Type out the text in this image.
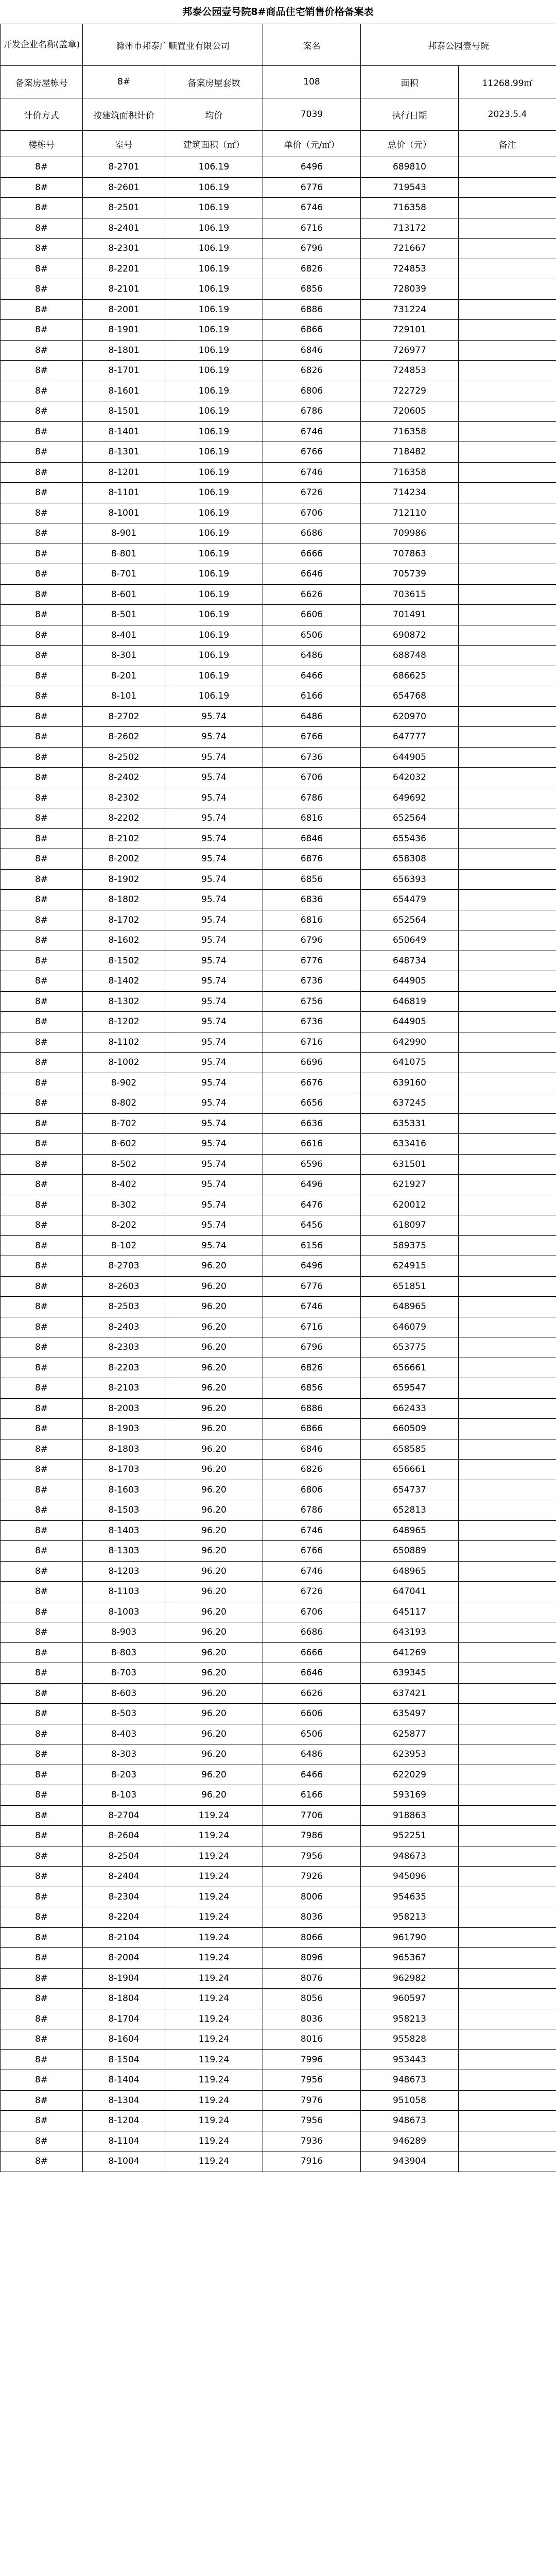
邦泰公园壹号院8#商品住宅销售价格备案表
开发企业名称(盖章)	滁州市邦泰广顺置业有限公司		案名	邦泰公园壹号院	
备案房屋栋号	8#	备案房屋套数	108	面积	11268.99㎡
计价方式	按建筑面积计价	均价	7039	执行日期	2023.5.4
楼栋号	室号	建筑面积（㎡）	单价（元/㎡）	总价（元）	备注
8#	8-2701	106.19	6496	689810	
8#	8-2601	106.19	6776	719543	
8#	8-2501	106.19	6746	716358	
8#	8-2401	106.19	6716	713172	
8#	8-2301	106.19	6796	721667	
8#	8-2201	106.19	6826	724853	
8#	8-2101	106.19	6856	728039	
8#	8-2001	106.19	6886	731224	
8#	8-1901	106.19	6866	729101	
8#	8-1801	106.19	6846	726977	
8#	8-1701	106.19	6826	724853	
8#	8-1601	106.19	6806	722729	
8#	8-1501	106.19	6786	720605	
8#	8-1401	106.19	6746	716358	
8#	8-1301	106.19	6766	718482	
8#	8-1201	106.19	6746	716358	
8#	8-1101	106.19	6726	714234	
8#	8-1001	106.19	6706	712110	
8#	8-901	106.19	6686	709986	
8#	8-801	106.19	6666	707863	
8#	8-701	106.19	6646	705739	
8#	8-601	106.19	6626	703615	
8#	8-501	106.19	6606	701491	
8#	8-401	106.19	6506	690872	
8#	8-301	106.19	6486	688748	
8#	8-201	106.19	6466	686625	
8#	8-101	106.19	6166	654768	
8#	8-2702	95.74	6486	620970	
8#	8-2602	95.74	6766	647777	
8#	8-2502	95.74	6736	644905	
8#	8-2402	95.74	6706	642032	
8#	8-2302	95.74	6786	649692	
8#	8-2202	95.74	6816	652564	
8#	8-2102	95.74	6846	655436	
8#	8-2002	95.74	6876	658308	
8#	8-1902	95.74	6856	656393	
8#	8-1802	95.74	6836	654479	
8#	8-1702	95.74	6816	652564	
8#	8-1602	95.74	6796	650649	
8#	8-1502	95.74	6776	648734	
8#	8-1402	95.74	6736	644905	
8#	8-1302	95.74	6756	646819	
8#	8-1202	95.74	6736	644905	
8#	8-1102	95.74	6716	642990	
8#	8-1002	95.74	6696	641075	
8#	8-902	95.74	6676	639160	
8#	8-802	95.74	6656	637245	
8#	8-702	95.74	6636	635331	
8#	8-602	95.74	6616	633416	
8#	8-502	95.74	6596	631501	
8#	8-402	95.74	6496	621927	
8#	8-302	95.74	6476	620012	
8#	8-202	95.74	6456	618097	
8#	8-102	95.74	6156	589375	
8#	8-2703	96.20	6496	624915	
8#	8-2603	96.20	6776	651851	
8#	8-2503	96.20	6746	648965	
8#	8-2403	96.20	6716	646079	
8#	8-2303	96.20	6796	653775	
8#	8-2203	96.20	6826	656661	
8#	8-2103	96.20	6856	659547	
8#	8-2003	96.20	6886	662433	
8#	8-1903	96.20	6866	660509	
8#	8-1803	96.20	6846	658585	
8#	8-1703	96.20	6826	656661	
8#	8-1603	96.20	6806	654737	
8#	8-1503	96.20	6786	652813	
8#	8-1403	96.20	6746	648965	
8#	8-1303	96.20	6766	650889	
8#	8-1203	96.20	6746	648965	
8#	8-1103	96.20	6726	647041	
8#	8-1003	96.20	6706	645117	
8#	8-903	96.20	6686	643193	
8#	8-803	96.20	6666	641269	
8#	8-703	96.20	6646	639345	
8#	8-603	96.20	6626	637421	
8#	8-503	96.20	6606	635497	
8#	8-403	96.20	6506	625877	
8#	8-303	96.20	6486	623953	
8#	8-203	96.20	6466	622029	
8#	8-103	96.20	6166	593169	
8#	8-2704	119.24	7706	918863	
8#	8-2604	119.24	7986	952251	
8#	8-2504	119.24	7956	948673	
8#	8-2404	119.24	7926	945096	
8#	8-2304	119.24	8006	954635	
8#	8-2204	119.24	8036	958213	
8#	8-2104	119.24	8066	961790	
8#	8-2004	119.24	8096	965367	
8#	8-1904	119.24	8076	962982	
8#	8-1804	119.24	8056	960597	
8#	8-1704	119.24	8036	958213	
8#	8-1604	119.24	8016	955828	
8#	8-1504	119.24	7996	953443	
8#	8-1404	119.24	7956	948673	
8#	8-1304	119.24	7976	951058	
8#	8-1204	119.24	7956	948673	
8#	8-1104	119.24	7936	946289	
8#	8-1004	119.24	7916	943904	
